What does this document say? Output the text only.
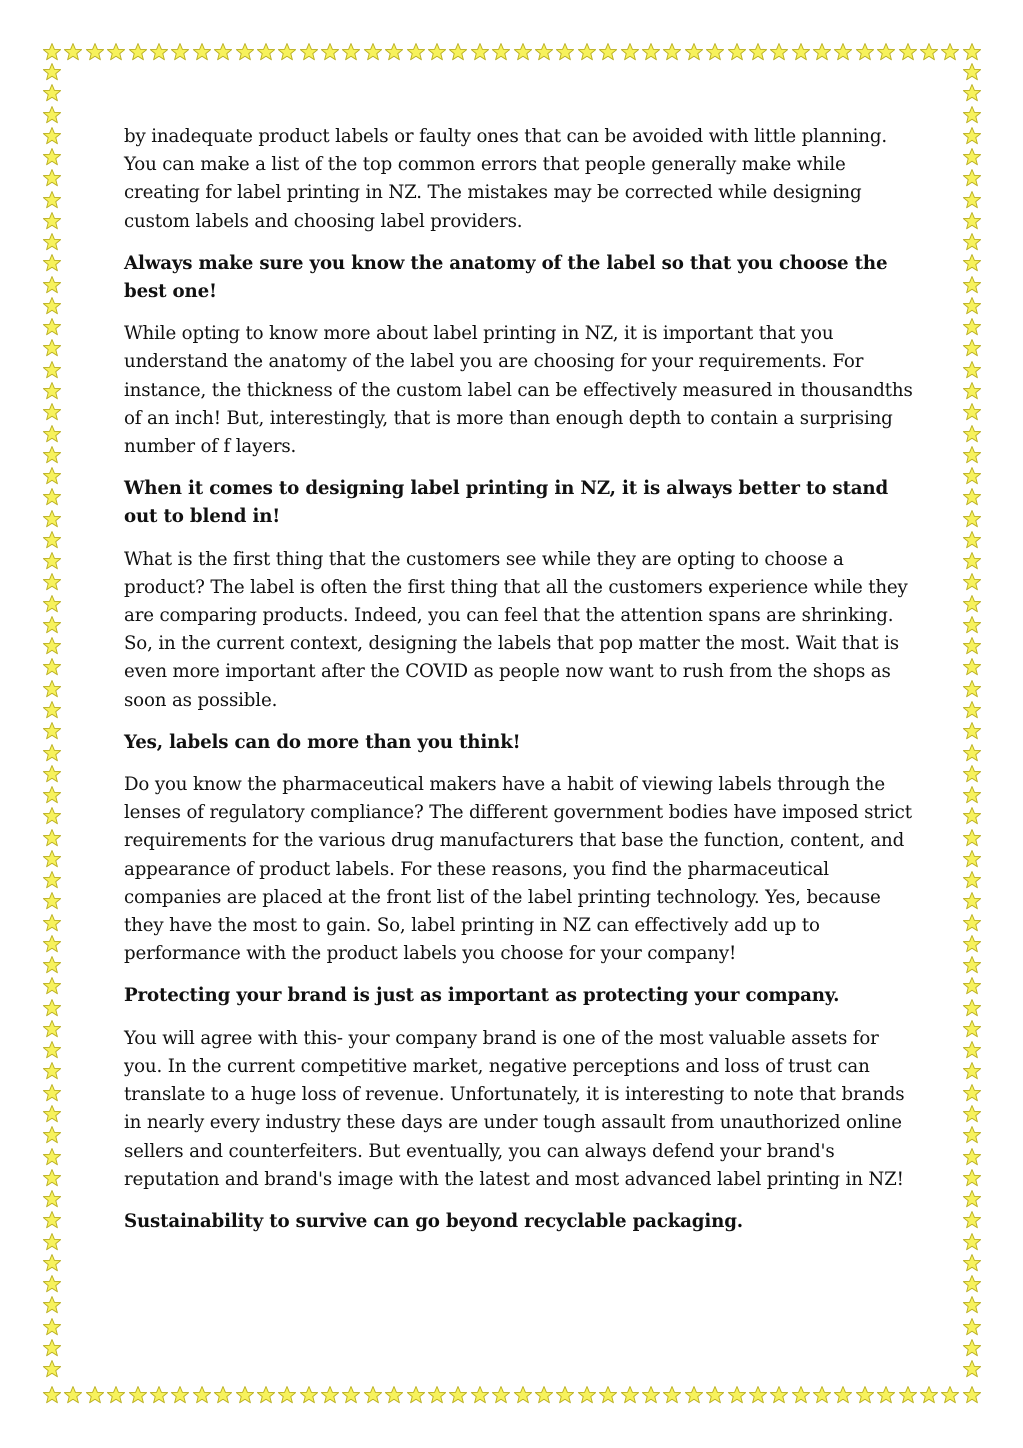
by inadequate product labels or faulty ones that can be avoided with little planning. You can make a list of the top common errors that people generally make while creating for label printing in NZ. The mistakes may be corrected while designing custom labels and choosing label providers.

Always make sure you know the anatomy of the label so that you choose the best one!

While opting to know more about label printing in NZ, it is important that you understand the anatomy of the label you are choosing for your requirements. For instance, the thickness of the custom label can be effectively measured in thousandths of an inch! But, interestingly, that is more than enough depth to contain a surprising number of f layers.

When it comes to designing label printing in NZ, it is always better to stand out to blend in!

What is the first thing that the customers see while they are opting to choose a product? The label is often the first thing that all the customers experience while they are comparing products. Indeed, you can feel that the attention spans are shrinking. So, in the current context, designing the labels that pop matter the most. Wait that is even more important after the COVID as people now want to rush from the shops as soon as possible.

Yes, labels can do more than you think!

Do you know the pharmaceutical makers have a habit of viewing labels through the lenses of regulatory compliance? The different government bodies have imposed strict requirements for the various drug manufacturers that base the function, content, and appearance of product labels. For these reasons, you find the pharmaceutical companies are placed at the front list of the label printing technology. Yes, because they have the most to gain. So, label printing in NZ can effectively add up to performance with the product labels you choose for your company!

Protecting your brand is just as important as protecting your company.

You will agree with this- your company brand is one of the most valuable assets for you. In the current competitive market, negative perceptions and loss of trust can translate to a huge loss of revenue. Unfortunately, it is interesting to note that brands in nearly every industry these days are under tough assault from unauthorized online sellers and counterfeiters. But eventually, you can always defend your brand's reputation and brand's image with the latest and most advanced label printing in NZ!

Sustainability to survive can go beyond recyclable packaging.
